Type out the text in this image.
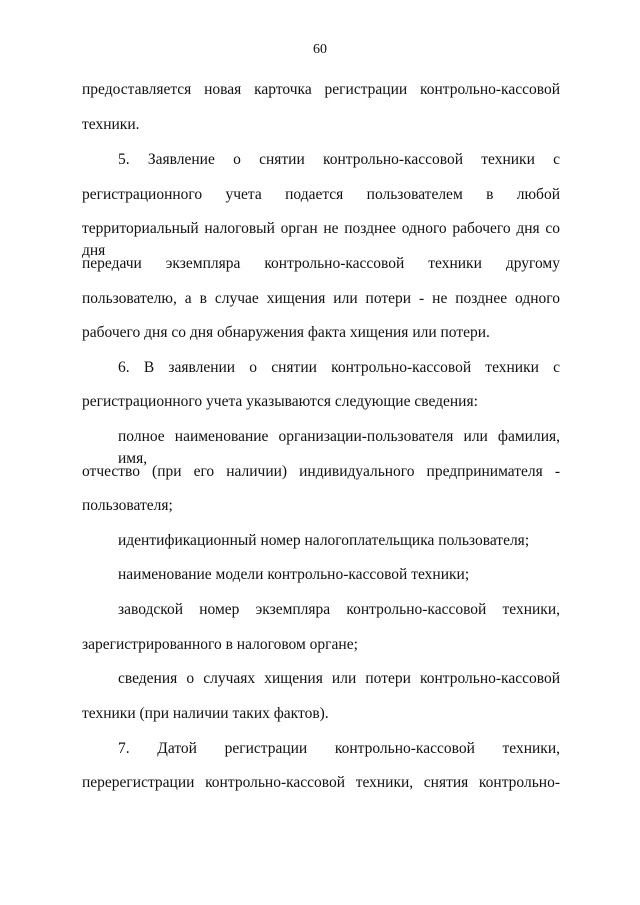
60
предоставляется новая карточка регистрации контрольно-кассовой
техники.
5. Заявление о снятии контрольно-кассовой техники с
регистрационного учета подается пользователем в любой
территориальный налоговый орган не позднее одного рабочего дня со дня
передачи экземпляра контрольно-кассовой техники другому
пользователю, а в случае хищения или потери - не позднее одного
рабочего дня со дня обнаружения факта хищения или потери.
6. В заявлении о снятии контрольно-кассовой техники с
регистрационного учета указываются следующие сведения:
полное наименование организации-пользователя или фамилия, имя,
отчество (при его наличии) индивидуального предпринимателя -
пользователя;
идентификационный номер налогоплательщика пользователя;
наименование модели контрольно-кассовой техники;
заводской номер экземпляра контрольно-кассовой техники,
зарегистрированного в налоговом органе;
сведения о случаях хищения или потери контрольно-кассовой
техники (при наличии таких фактов).
7. Датой регистрации контрольно-кассовой техники,
перерегистрации контрольно-кассовой техники, снятия контрольно-
